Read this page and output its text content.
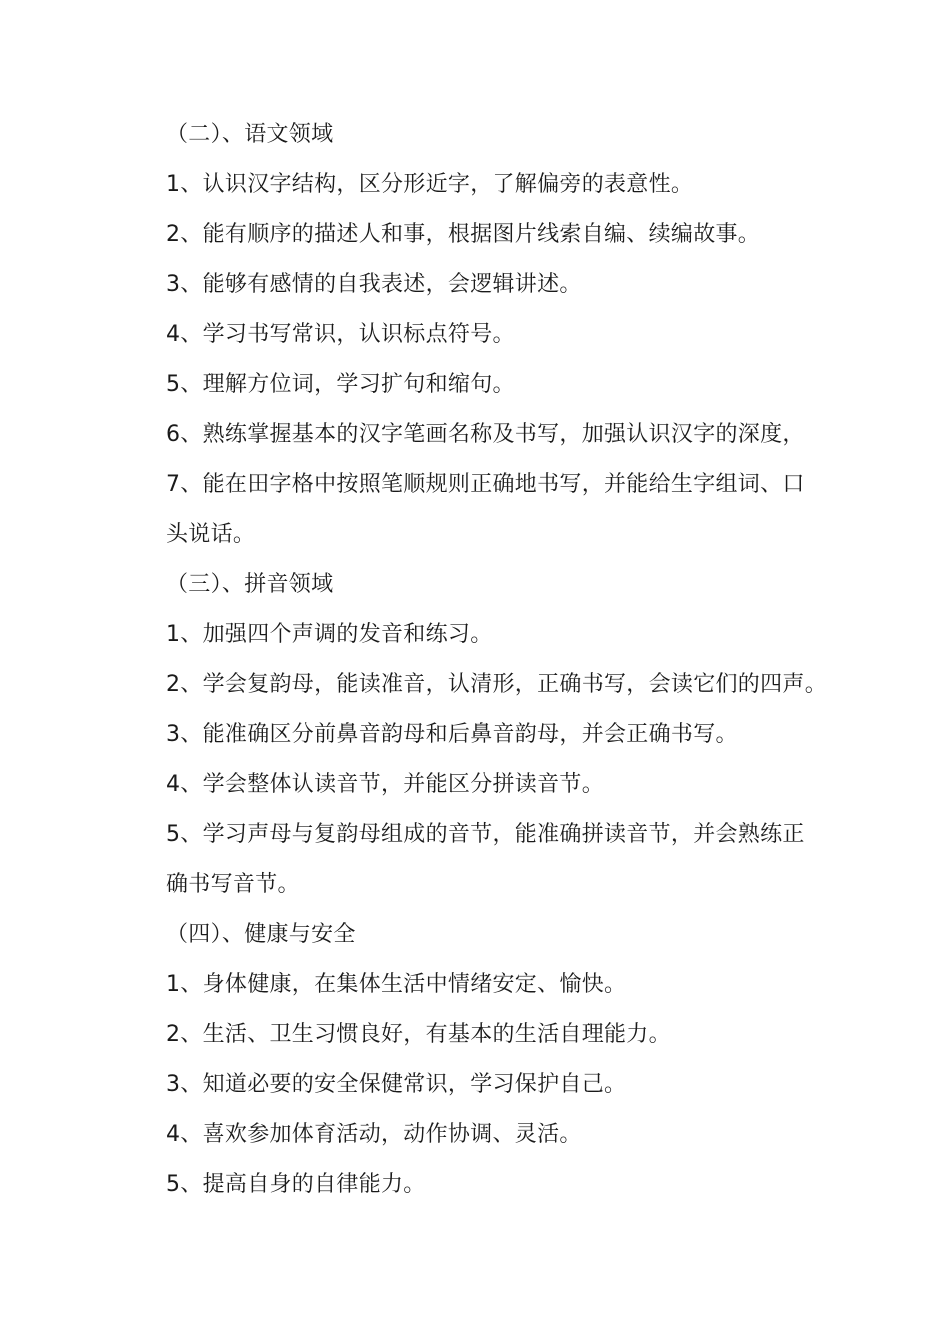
（二）、语文领域
1、认识汉字结构，区分形近字，了解偏旁的表意性。
2、能有顺序的描述人和事，根据图片线索自编、续编故事。
3、能够有感情的自我表述，会逻辑讲述。
4、学习书写常识，认识标点符号。
5、理解方位词，学习扩句和缩句。
6、熟练掌握基本的汉字笔画名称及书写，加强认识汉字的深度，
7、能在田字格中按照笔顺规则正确地书写，并能给生字组词、口
头说话。
（三）、拼音领域
1、加强四个声调的发音和练习。
2、学会复韵母，能读准音，认清形，正确书写，会读它们的四声。
3、能准确区分前鼻音韵母和后鼻音韵母，并会正确书写。
4、学会整体认读音节，并能区分拼读音节。
5、学习声母与复韵母组成的音节，能准确拼读音节，并会熟练正
确书写音节。
（四）、健康与安全
1、身体健康，在集体生活中情绪安定、愉快。
2、生活、卫生习惯良好，有基本的生活自理能力。
3、知道必要的安全保健常识，学习保护自己。
4、喜欢参加体育活动，动作协调、灵活。
5、提高自身的自律能力。
